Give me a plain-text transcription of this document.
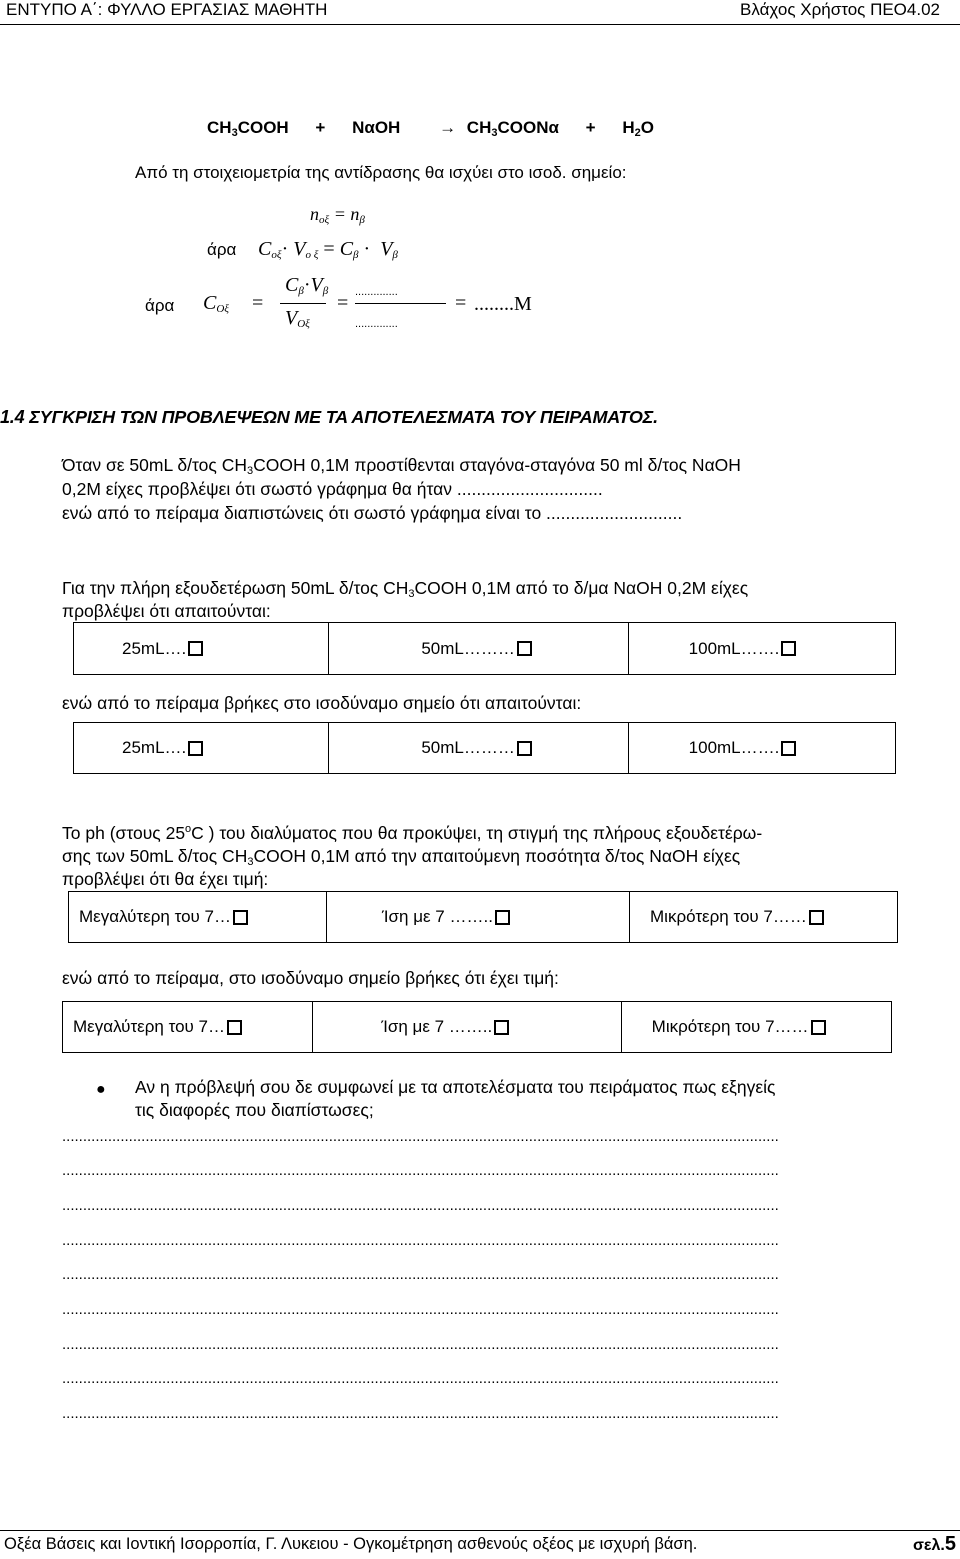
ΕΝΤΥΠΟ Α΄: ΦΥΛΛΟ ΕΡΓΑΣΙΑΣ ΜΑΘΗΤΗ	Βλάχος Χρήστος ΠΕΟ4.02
$CH_3COOH + N\alpha OH$ → $CH_3COON\alpha + H_2O$
Από τη στοιχειομετρία της αντίδρασης θα ισχύει στο ισοδ. σημείο:
$n_{o\xi} = n_\beta$
άρα $C_{o\xi}\cdot V_{o \xi} = C_\beta \cdot V_\beta$
άρα $C_{O\xi}$ =
$C_\beta\cdot V_\beta$
$V_{O\xi}$
= ..............
..............
= ........M
1.4 ΣΥΓΚΡΙΣΗ ΤΩΝ ΠΡΟΒΛΕΨΕΩΝ ΜΕ ΤΑ ΑΠΟΤΕΛΕΣΜΑΤΑ ΤΟΥ ΠΕΙΡΑΜΑΤΟΣ.
Όταν σε 50mL δ/τος $CH_3COOH$ 0,1M προστίθενται σταγόνα-σταγόνα 50 ml δ/τος NαOH
0,2M είχες προβλέψει ότι σωστό γράφημα θα ήταν ..............................
ενώ από το πείραμα διαπιστώνεις ότι σωστό γράφημα είναι το ............................
Για την πλήρη εξουδετέρωση 50mL δ/τος $CH_3COOH$ 0,1M από το δ/μα NαOH 0,2M είχες
προβλέψει ότι απαιτούνται:
25mL….	50mL………	100mL…….
ενώ από το πείραμα βρήκες στο ισοδύναμο σημείο ότι απαιτούνται:
25mL….	50mL………	100mL…….
Το ph (στους 25$^o$C ) του διαλύματος που θα προκύψει, τη στιγμή της πλήρους εξουδετέρω-
σης των 50mL δ/τος $CH_3COOH$ 0,1M από την απαιτούμενη ποσότητα δ/τος NαOH είχες
προβλέψει ότι θα έχει τιμή:
Μεγαλύτερη του 7…	Ίση με 7 ……..	Μικρότερη του 7……
ενώ από το πείραμα, στο ισοδύναμο σημείο βρήκες ότι έχει τιμή:
Μεγαλύτερη του 7…	Ίση με 7 ……..	Μικρότερη του 7……
● Αν η πρόβλεψή σου δε συμφωνεί με τα αποτελέσματα του πειράματος πως εξηγείς
τις διαφορές που διαπίστωσες;
............................................................................................................................................................................
............................................................................................................................................................................
............................................................................................................................................................................
............................................................................................................................................................................
............................................................................................................................................................................
............................................................................................................................................................................
............................................................................................................................................................................
............................................................................................................................................................................
............................................................................................................................................................................
Οξέα Βάσεις και Ιοντική Ισορροπία, Γ. Λυκειου - Ογκομέτρηση ασθενούς οξέος με ισχυρή βάση.	σελ.5
